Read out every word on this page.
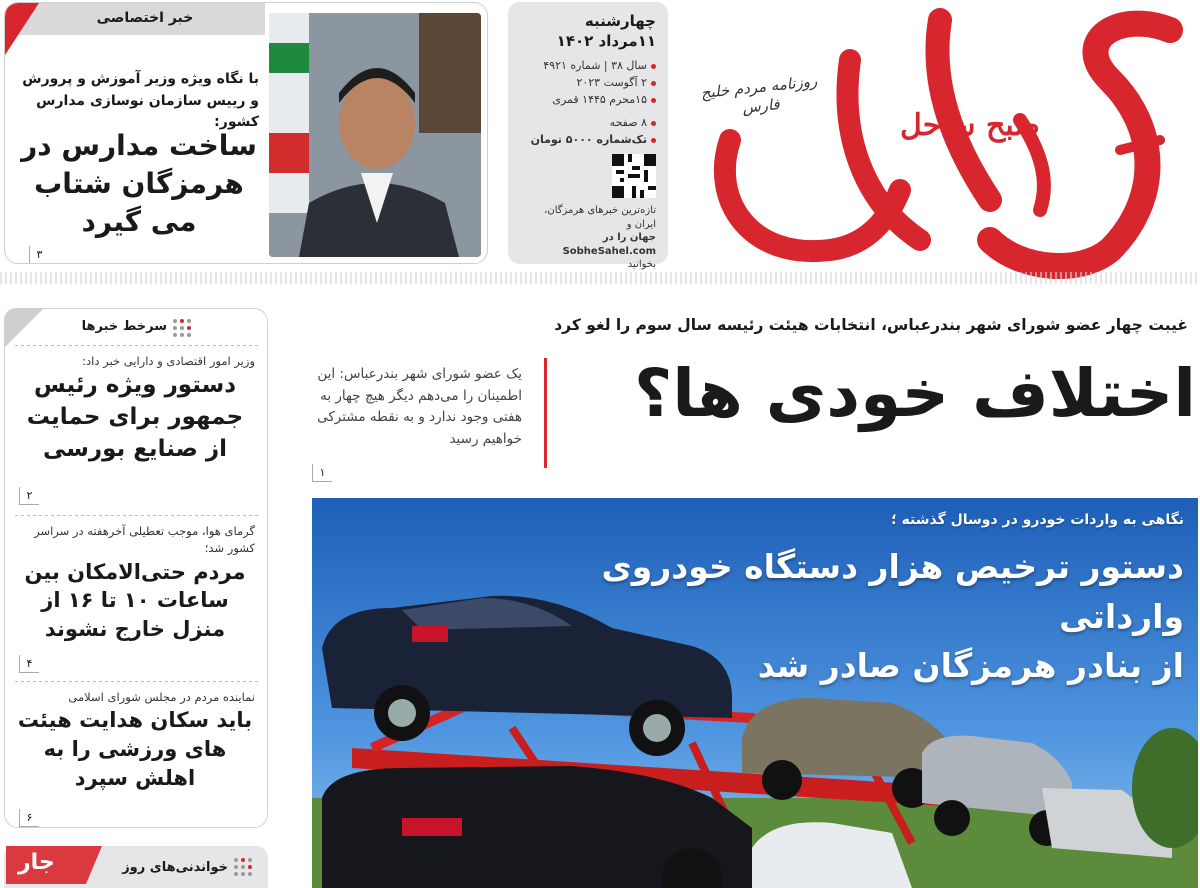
صبح ساحل
روزنامه مردم خلیج فارس
چهارشنبه
۱۱مرداد ۱۴۰۲
سال ۳۸ | شماره ۴۹۲۱
۲ آگوست ۲۰۲۳
۱۵محرم ۱۴۴۵ قمری
۸ صفحه
تک‌شماره ۵۰۰۰ تومان
تازه‌ترین خبرهای هرمزگان، ایران و
جهان را در SobheSahel.com
بخوانید
خبر اختصاصی
با نگاه ویژه وزیر آموزش و پرورش و رییس سازمان نوسازی مدارس کشور:
ساخت مدارس در هرمزگان شتاب می گیرد
۳
سرخط خبرها
وزیر امور اقتصادی و دارایی خبر داد:
دستور ویژه رئیس جمهور برای حمایت از صنایع بورسی
۲
گرمای هوا، موجب تعطیلی آخرهفته در سراسر کشور شد؛
مردم حتی‌الامکان بین ساعات ۱۰ تا ۱۶ از منزل خارج نشوند
۴
نماینده مردم در مجلس شورای اسلامی
باید سکان هدایت هیئت های ورزشی را به اهلش سپرد
۶
خواندنی‌های روز
غیبت چهار عضو شورای شهر بندرعباس، انتخابات هیئت رئیسه سال سوم را لغو کرد
اختلاف خودی ها؟
یک عضو شورای شهر بندرعباس: این اطمینان را می‌دهم دیگر هیچ چهار به هفتی وجود ندارد و به نقطه مشترکی خواهیم رسید
۱
نگاهی به واردات خودرو در دوسال گذشته ؛
دستور ترخیص هزار دستگاه خودروی وارداتی
از بنادر هرمزگان صادر شد
جار
